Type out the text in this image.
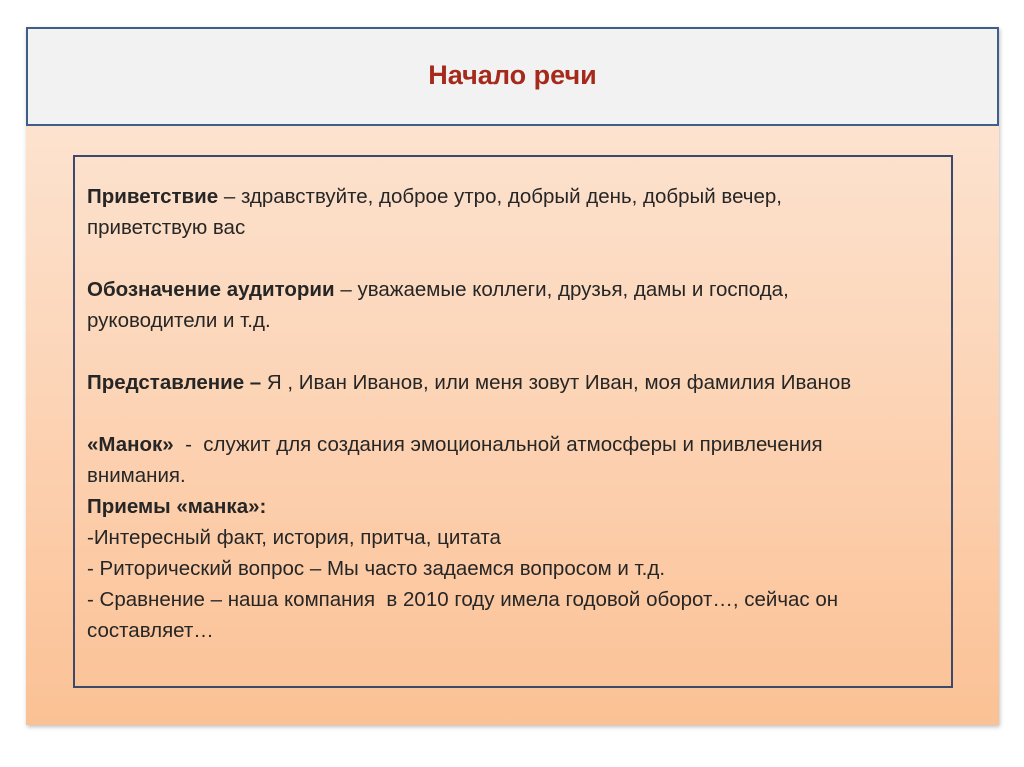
Начало речи

Приветствие – здравствуйте, доброе утро, добрый день, добрый вечер,

приветствую вас

Обозначение аудитории – уважаемые коллеги, друзья, дамы и господа,

руководители и т.д.

Представление – Я , Иван Иванов, или меня зовут Иван, моя фамилия Иванов

«Манок»  -  служит для создания эмоциональной атмосферы и привлечения

внимания.

Приемы «манка»:

-Интересный факт, история, притча, цитата

- Риторический вопрос – Мы часто задаемся вопросом и т.д.

- Сравнение – наша компания  в 2010 году имела годовой оборот…, сейчас он

составляет…
